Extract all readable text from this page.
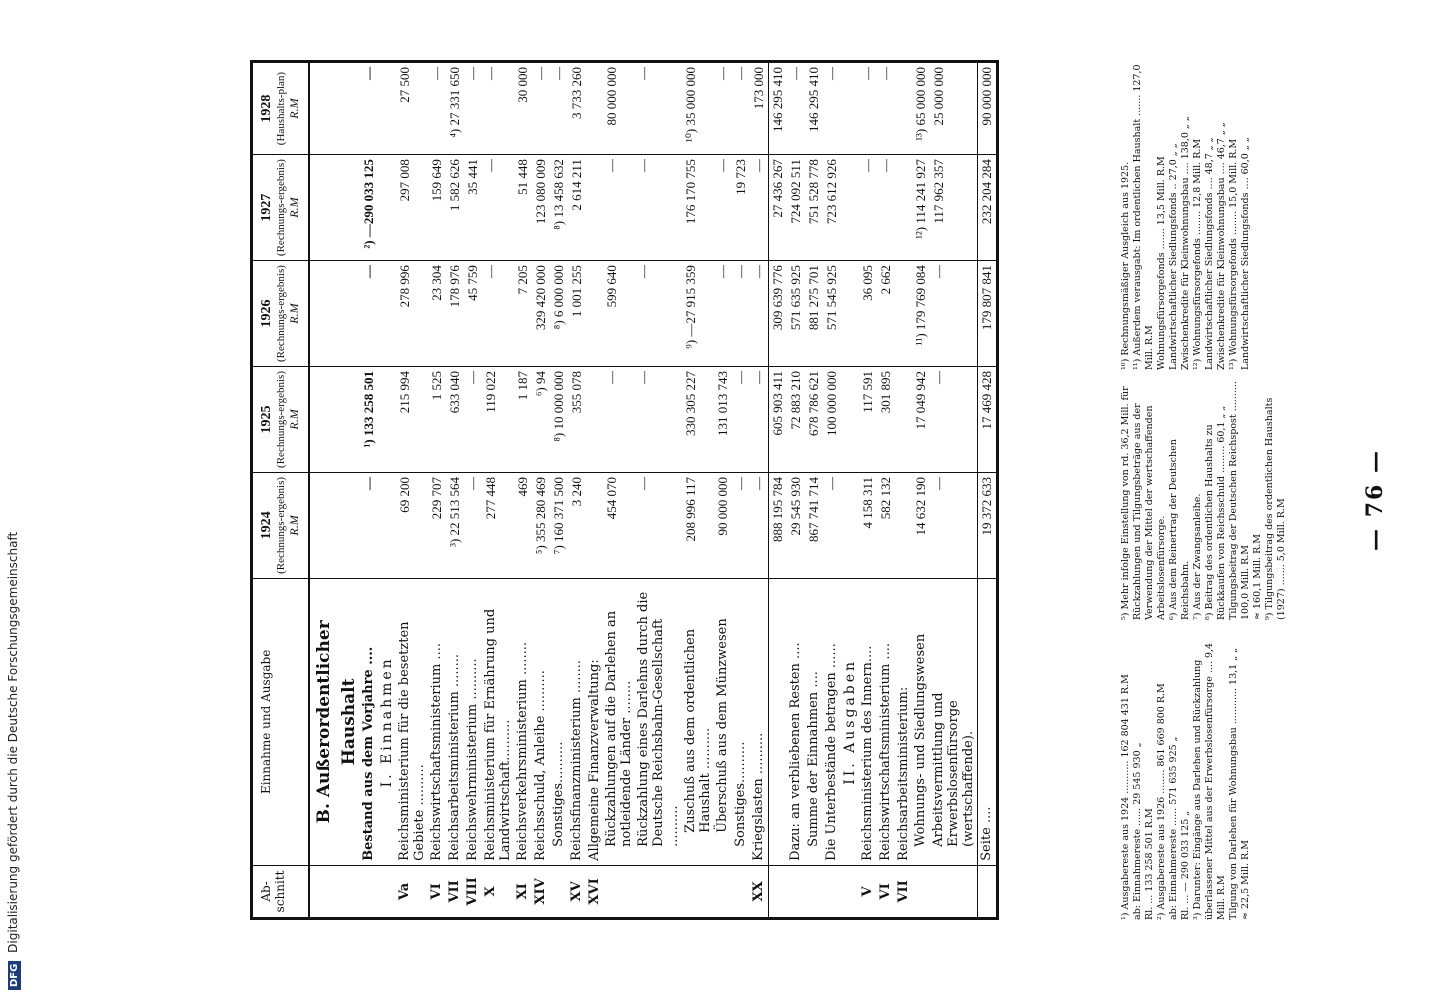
DFG Digitalisierung gefördert durch die Deutsche Forschungsgemeinschaft	Ab-schnitt	Einnahme und Ausgabe	1924 (Rechnungs-ergebnis) R.M	1925 (Rechnungs-ergebnis) R.M	1926 (Rechnungs-ergebnis) R.M	1927 (Rechnungs-ergebnis) R.M	1928 (Haushalts-plan) R.M

	B. Außerordentlicher					
	Haushalt					
	Bestand aus dem Vorjahre ....	—	¹) 133 258 501	—	²) —290 033 125	—
	I. Einnahmen					
Va	Reichsministerium für die besetzten Gebiete ..........	69 200	215 994	278 996	297 008	27 500
VI	Reichswirtschaftsministerium ....	229 707	1 525	23 304	159 649	—
VII	Reichsarbeitsministerium ........	³) 22 513 564	633 040	178 976	1 582 626	⁴) 27 331 650
VIII	Reichswehrministerium ..........	—	—	45 759	35 441	—
X	Reichsministerium für Ernährung und Landwirtschaft..........	277 448	119 022	—	—	—
XI	Reichsverkehrsministerium ........	469	1 187	7 205	51 448	30 000
XIV	Reichsschuld, Anleihe ..........	⁵) 355 280 469	⁶) 94	329 420 000	123 080 009	—
	Sonstiges..........	⁷) 160 371 500	⁸) 10 000 000	⁸) 6 000 000	⁸) 13 458 632	—
XV	Reichsfinanzministerium ........	3 240	355 078	1 001 255	2 614 211	3 733 260
XVI	Allgemeine Finanzverwaltung:					
	Rückzahlungen auf die Darlehen an notleidende Länder ........	454 070	—	599 640	—	80 000 000
	Rückzahlung eines Darlehns durch die Deutsche Reichsbahn-Gesellschaft ..........	—	—	—	—	—
	Zuschuß aus dem ordentlichen Haushalt ..........	208 996 117	330 305 227	⁹) —27 915 359	176 170 755	¹⁰) 35 000 000
	Überschuß aus dem Münzwesen	90 000 000	131 013 743	—	—	—
	Sonstiges..........	—	—	—	19 723	—
XX	Kriegslasten ..........	—	—	—	—	173 000
		888 195 784	605 903 411	309 639 776	27 436 267	146 295 410
	Dazu: an verbliebenen Resten ....	29 545 930	72 883 210	571 635 925	724 092 511	—
	Summe der Einnahmen ....	867 741 714	678 786 621	881 275 701	751 528 778	146 295 410
	Die Unterbestände betragen ......	—	100 000 000	571 545 925	723 612 926	—
	II. Ausgaben					
V	Reichsministerium des Innern....	4 158 311	117 591	36 095	—	—
VI	Reichswirtschaftsministerium ....	582 132	301 895	2 662	—	—
VII	Reichsarbeitsministerium:					
	Wohnungs- und Siedlungswesen	14 632 190	17 049 942	¹¹) 179 769 084	¹²) 114 241 927	¹³) 65 000 000
	Arbeitsvermittlung und Erwerbslosenfürsorge (wertschaffende).	—	—	—	117 962 357	25 000 000
	Seite ....	19 372 633	17 469 428	179 807 841	232 204 284	90 000 000

¹) Ausgabereste aus 1924 ........... 162 804 431 R.M ab: Einnahmereste ...... 29 545 930 „ Rl. ... 133 258 501 R.M ²) Ausgabereste aus 1926 ........ 861 669 800 R.M ab: Einnahmereste ...... 571 635 925 „ Rl. ... — 290 033 125 „ ³) Darunter: Eingänge aus Darlehen und Rückzahlung überlassener Mittel aus der Erwerbslosenfürsorge .... 9,4 Mill. R.M Tilgung von Darlehen für Wohnungsbau ............ 13,1 „ „ ≈ 22,5 Mill. R.M

⁵) Mehr infolge Einstellung von rd. 36,2 Mill. für Rückzahlungen und Tilgungsbeträge aus der Verwendung der Mittel der wertschaffenden Arbeitslosenfürsorge. ⁶) Aus dem Reinertrag der Deutschen Reichsbahn. ⁷) Aus der Zwangsanleihe. ⁸) Beitrag des ordentlichen Haushalts zu Rückkaufen von Reichsschuld ......... 60,1 „ „ Tilgungsbeitrag der Deutschen Reichspost .......... 100,0 Mill. R.M ≈ 160,1 Mill. R.M ⁹) Tilgungsbeitrag des ordentlichen Haushalts (1927) ....... 5,0 Mill. R.M

¹⁰) Rechnungsmäßiger Ausgleich aus 1925. ¹¹) Außerdem verausgabt: Im ordentlichen Haushalt ....... 127,0 Mill. R.M Wohnungsfürsorgefonds ....... 13,5 Mill. R.M Landwirtschaftlicher Siedlungsfonds .. 27,0 „ „ Zwischenkredite für Kleinwohnungsbau .... 138,0 „ „ ¹²) Wohnungsfürsorgefonds ........ 12,8 Mill. R.M Landwirtschaftlicher Siedlungsfonds .... 48,7 „ „ Zwischenkredite für Kleinwohnungsbau .... 46,7 „ „ ¹³) Wohnungsfürsorgefonds ........ 15,0 Mill. R.M Landwirtschaftlicher Siedlungsfonds .... 60,0 „ „

— 76 —
